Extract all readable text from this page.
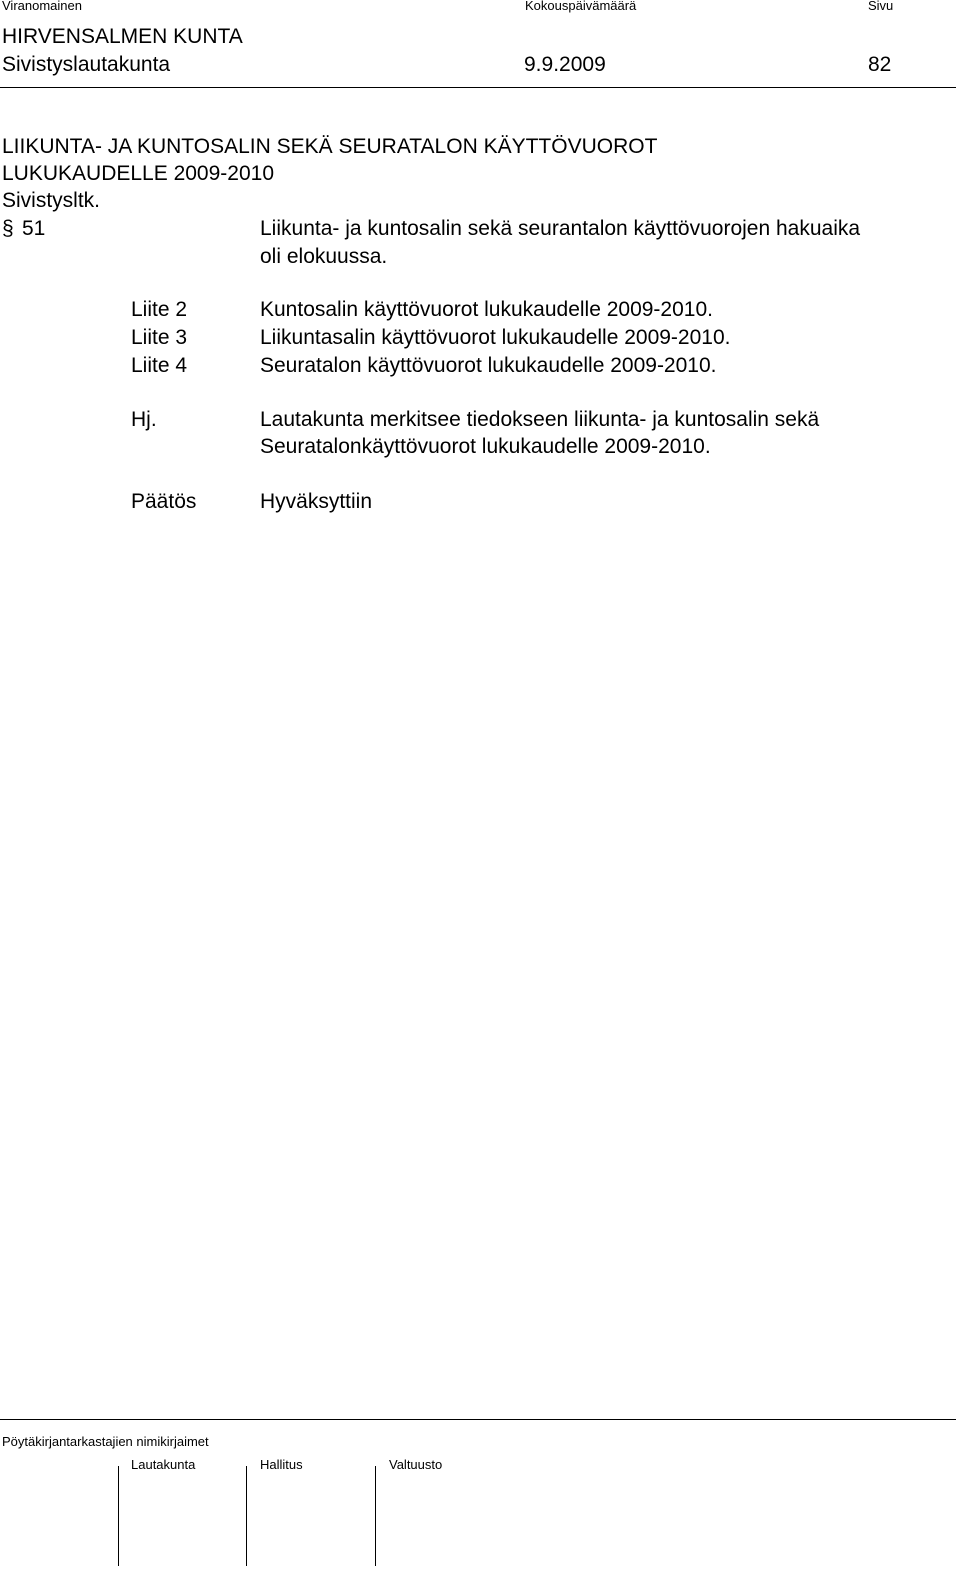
Viranomainen	Kokouspäivämäärä	Sivu
HIRVENSALMEN KUNTA
Sivistyslautakunta	9.9.2009	82
LIIKUNTA- JA KUNTOSALIN SEKÄ SEURATALON KÄYTTÖVUOROT
LUKUKAUDELLE 2009-2010
Sivistysltk.
§ 51	Liikunta- ja kuntosalin sekä seurantalon käyttövuorojen hakuaika
oli elokuussa.
Liite 2	Kuntosalin käyttövuorot lukukaudelle 2009-2010.
Liite 3	Liikuntasalin käyttövuorot lukukaudelle 2009-2010.
Liite 4	Seuratalon käyttövuorot lukukaudelle 2009-2010.
Hj.	Lautakunta merkitsee tiedokseen liikunta- ja kuntosalin sekä
Seuratalonkäyttövuorot lukukaudelle 2009-2010.
Päätös	Hyväksyttiin
Pöytäkirjantarkastajien nimikirjaimet
Lautakunta	Hallitus	Valtuusto
